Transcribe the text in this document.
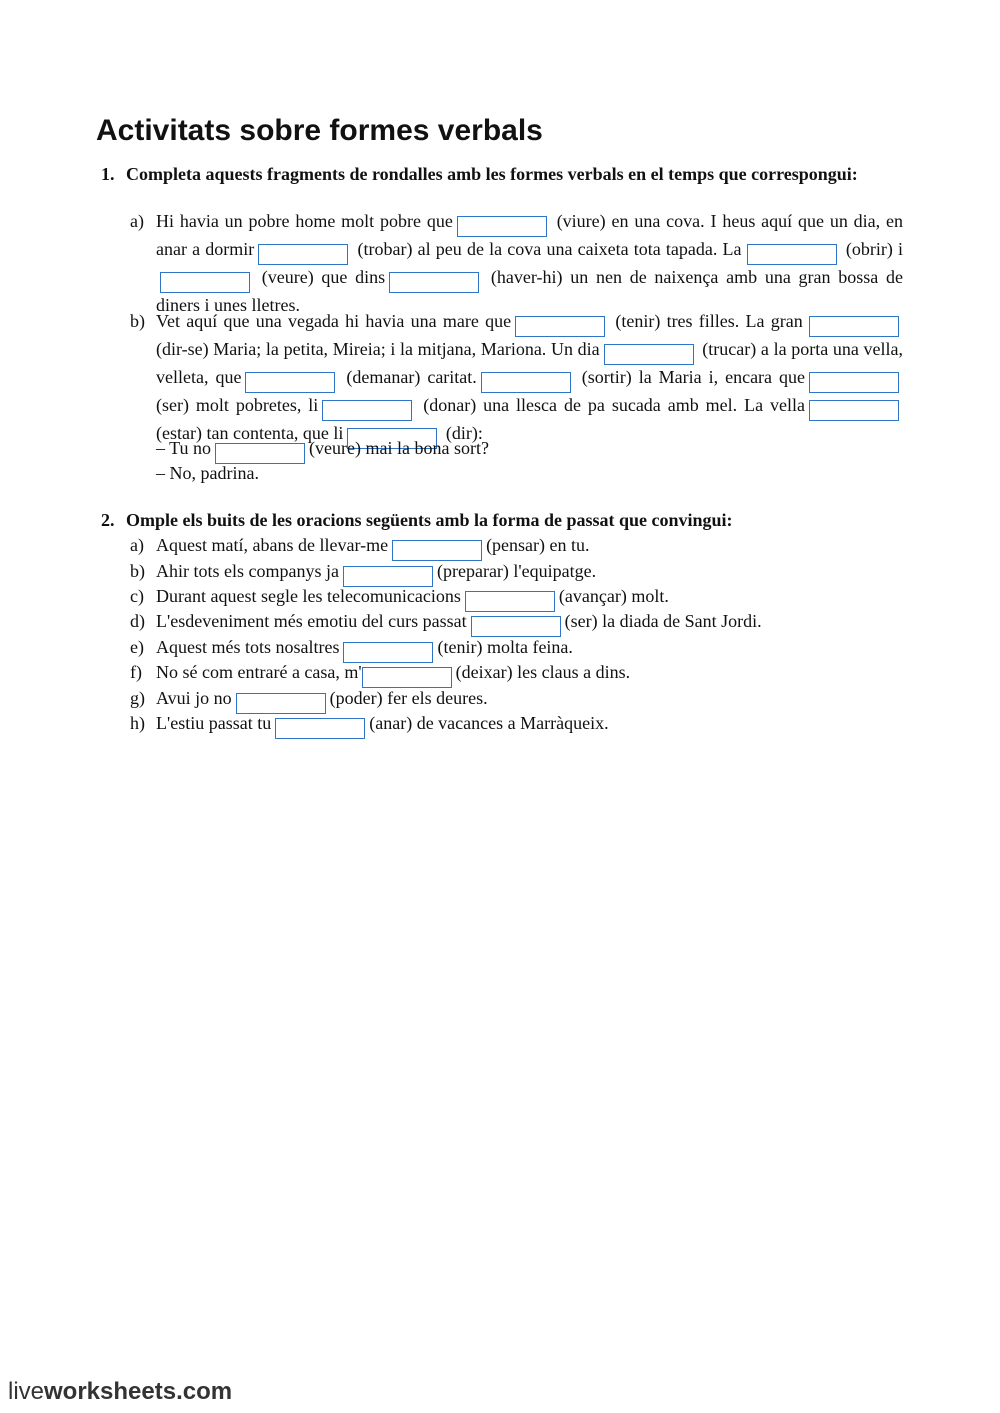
Activitats sobre formes verbals
1. Completa aquests fragments de rondalles amb les formes verbals en el temps que correspongui:
a) Hi havia un pobre home molt pobre que	(viure) en una cova. I heus aquí que un dia, en anar a dormir	(trobar) al peu de la cova una caixeta tota tapada. La	(obrir) i (veure) que dins	(haver-hi) un nen de naixença amb una gran bossa de diners i unes lletres.
b) Vet aquí que una vegada hi havia una mare que	(tenir) tres filles. La gran  (dir-se) Maria; la petita, Mireia; i la mitjana, Mariona. Un dia	(trucar) a la porta una vella, velleta, que	(demanar) caritat.	(sortir) la Maria i, encara que (ser) molt pobretes, li	(donar) una llesca de pa sucada amb mel. La vella (estar) tan contenta, que li	(dir):
– Tu no	(veure) mai la bona sort?
– No, padrina.
2. Omple els buits de les oracions següents amb la forma de passat que convingui:
a) Aquest matí, abans de llevar-me	(pensar) en tu.
b) Ahir tots els companys ja	(preparar) l'equipatge.
c) Durant aquest segle les telecomunicacions	(avançar) molt.
d) L'esdeveniment més emotiu del curs passat	(ser) la diada de Sant Jordi.
e) Aquest més tots nosaltres	(tenir) molta feina.
f) No sé com entraré a casa, m'	(deixar) les claus a dins.
g) Avui jo no	(poder) fer els deures.
h) L'estiu passat tu	(anar) de vacances a Marràqueix.
liveworksheets.com
